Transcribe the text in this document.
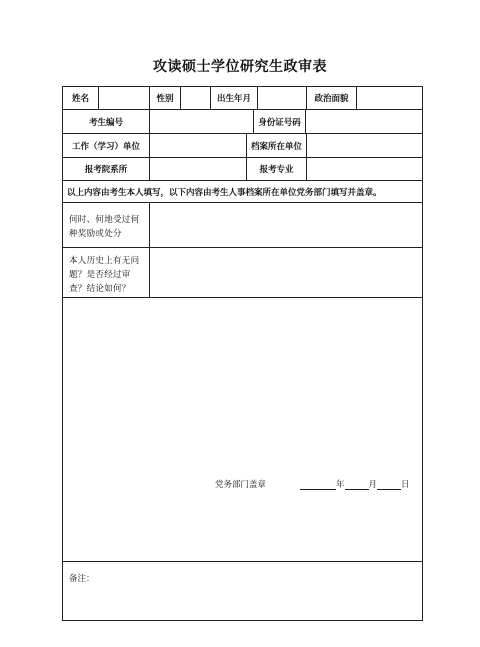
攻读硕士学位研究生政审表
姓名	性别	出生年月	政治面貌
考生编号	身份证号码
工作（学习）单位	档案所在单位
报考院系所	报考专业
以上内容由考生本人填写，以下内容由考生人事档案所在单位党务部门填写并盖章。
何时、何地受过何种奖励或处分
本人历史上有无问题？是否经过审查？结论如何？
备注：
党务部门盖章	年	月	日
